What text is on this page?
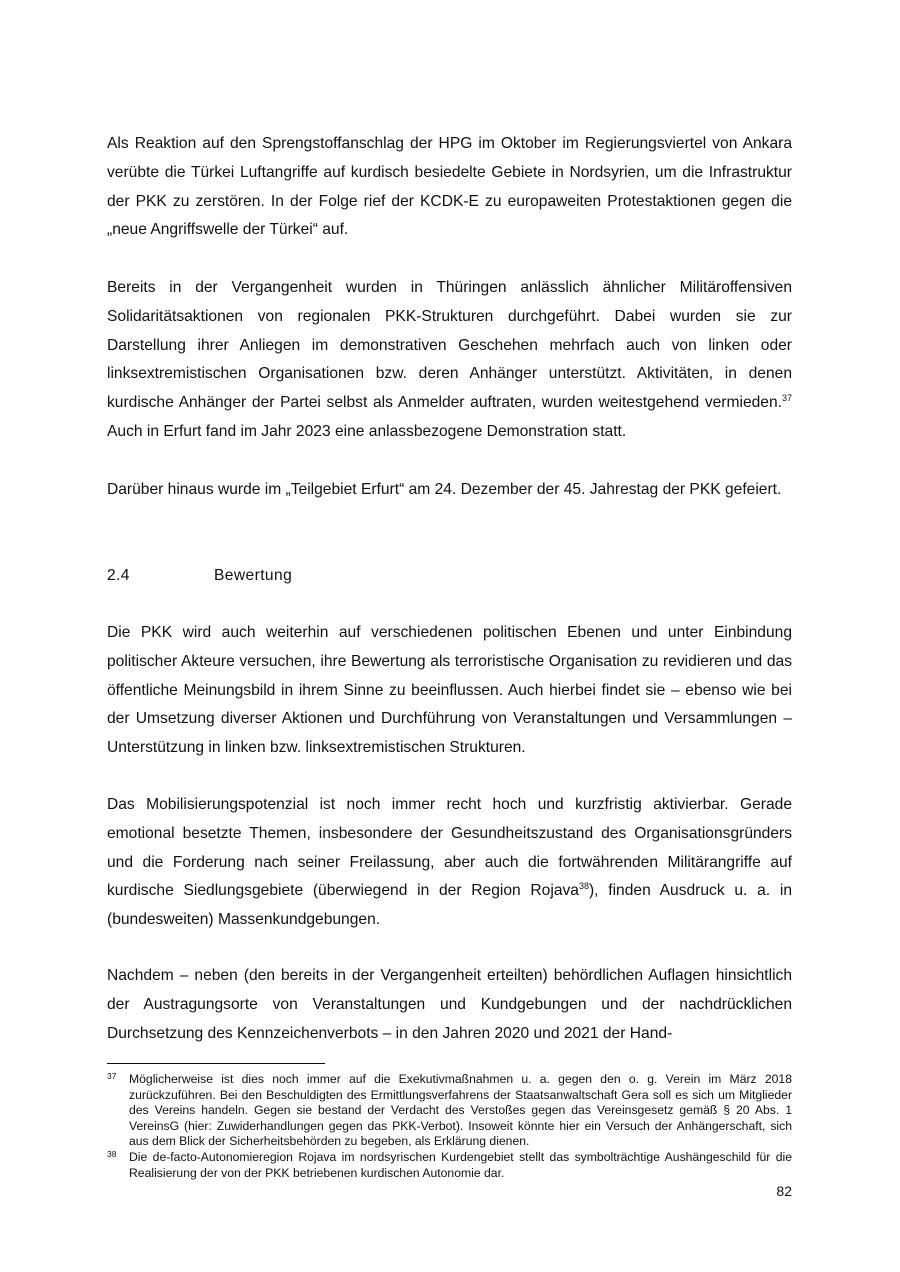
Als Reaktion auf den Sprengstoffanschlag der HPG im Oktober im Regierungsviertel von Ankara verübte die Türkei Luftangriffe auf kurdisch besiedelte Gebiete in Nordsyrien, um die Infrastruktur der PKK zu zerstören. In der Folge rief der KCDK-E zu europaweiten Protestaktionen gegen die „neue Angriffswelle der Türkei“ auf.

Bereits in der Vergangenheit wurden in Thüringen anlässlich ähnlicher Militäroffensiven Solidaritätsaktionen von regionalen PKK-Strukturen durchgeführt. Dabei wurden sie zur Darstellung ihrer Anliegen im demonstrativen Geschehen mehrfach auch von linken oder linksextremistischen Organisationen bzw. deren Anhänger unterstützt. Aktivitäten, in denen kurdische Anhänger der Partei selbst als Anmelder auftraten, wurden weitestgehend vermieden.$^{37}$ Auch in Erfurt fand im Jahr 2023 eine anlassbezogene Demonstration statt.

Darüber hinaus wurde im „Teilgebiet Erfurt“ am 24. Dezember der 45. Jahrestag der PKK gefeiert.

2.4	Bewertung

Die PKK wird auch weiterhin auf verschiedenen politischen Ebenen und unter Einbindung politischer Akteure versuchen, ihre Bewertung als terroristische Organisation zu revidieren und das öffentliche Meinungsbild in ihrem Sinne zu beeinflussen. Auch hierbei findet sie – ebenso wie bei der Umsetzung diverser Aktionen und Durchführung von Veranstaltungen und Versammlungen – Unterstützung in linken bzw. linksextremistischen Strukturen.

Das Mobilisierungspotenzial ist noch immer recht hoch und kurzfristig aktivierbar. Gerade emotional besetzte Themen, insbesondere der Gesundheitszustand des Organisationsgründers und die Forderung nach seiner Freilassung, aber auch die fortwährenden Militärangriffe auf kurdische Siedlungsgebiete (überwiegend in der Region Rojava$^{38}$), finden Ausdruck u. a. in (bundesweiten) Massenkundgebungen.

Nachdem – neben (den bereits in der Vergangenheit erteilten) behördlichen Auflagen hinsichtlich der Austragungsorte von Veranstaltungen und Kundgebungen und der nachdrücklichen Durchsetzung des Kennzeichenverbots – in den Jahren 2020 und 2021 der Hand-

37 Möglicherweise ist dies noch immer auf die Exekutivmaßnahmen u. a. gegen den o. g. Verein im März 2018 zurückzuführen. Bei den Beschuldigten des Ermittlungsverfahrens der Staatsanwaltschaft Gera soll es sich um Mitglieder des Vereins handeln. Gegen sie bestand der Verdacht des Verstoßes gegen das Vereinsgesetz gemäß § 20 Abs. 1 VereinsG (hier: Zuwiderhandlungen gegen das PKK-Verbot). Insoweit könnte hier ein Versuch der Anhängerschaft, sich aus dem Blick der Sicherheitsbehörden zu begeben, als Erklärung dienen.
38 Die de-facto-Autonomieregion Rojava im nordsyrischen Kurdengebiet stellt das symbolträchtige Aushängeschild für die Realisierung der von der PKK betriebenen kurdischen Autonomie dar.
82
